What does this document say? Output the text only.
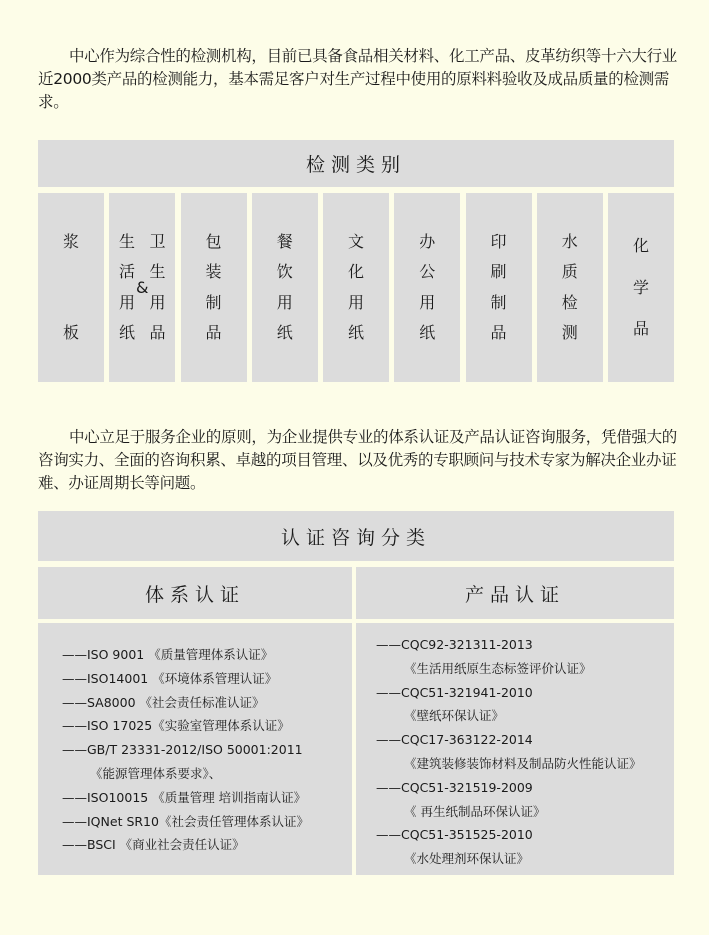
中心作为综合性的检测机构，目前已具备食品相关材料、化工产品、皮革纺织等十六大行业近2000类产品的检测能力，基本需足客户对生产过程中使用的原料料验收及成品质量的检测需求。

检测类别
浆
板
生
活
用
纸
&
卫
生
用
品
包
装
制
品
餐
饮
用
纸
文
化
用
纸
办
公
用
纸
印
刷
制
品
水
质
检
测
化
学
品

中心立足于服务企业的原则，为企业提供专业的体系认证及产品认证咨询服务，凭借强大的咨询实力、全面的咨询积累、卓越的项目管理、以及优秀的专职顾问与技术专家为解决企业办证难、办证周期长等问题。

认证咨询分类
体系认证	产品认证
——ISO 9001 《质量管理体系认证》
——ISO14001 《环境体系管理认证》
——SA8000 《社会责任标准认证》
——ISO 17025《实验室管理体系认证》
——GB/T 23331-2012/ISO 50001:2011
《能源管理体系要求》、
——ISO10015 《质量管理 培训指南认证》
——IQNet SR10《社会责任管理体系认证》
——BSCI 《商业社会责任认证》
——CQC92-321311-2013
《生活用纸原生态标签评价认证》
——CQC51-321941-2010
《壁纸环保认证》
——CQC17-363122-2014
《建筑装修装饰材料及制品防火性能认证》
——CQC51-321519-2009
《 再生纸制品环保认证》
——CQC51-351525-2010
《水处理剂环保认证》
